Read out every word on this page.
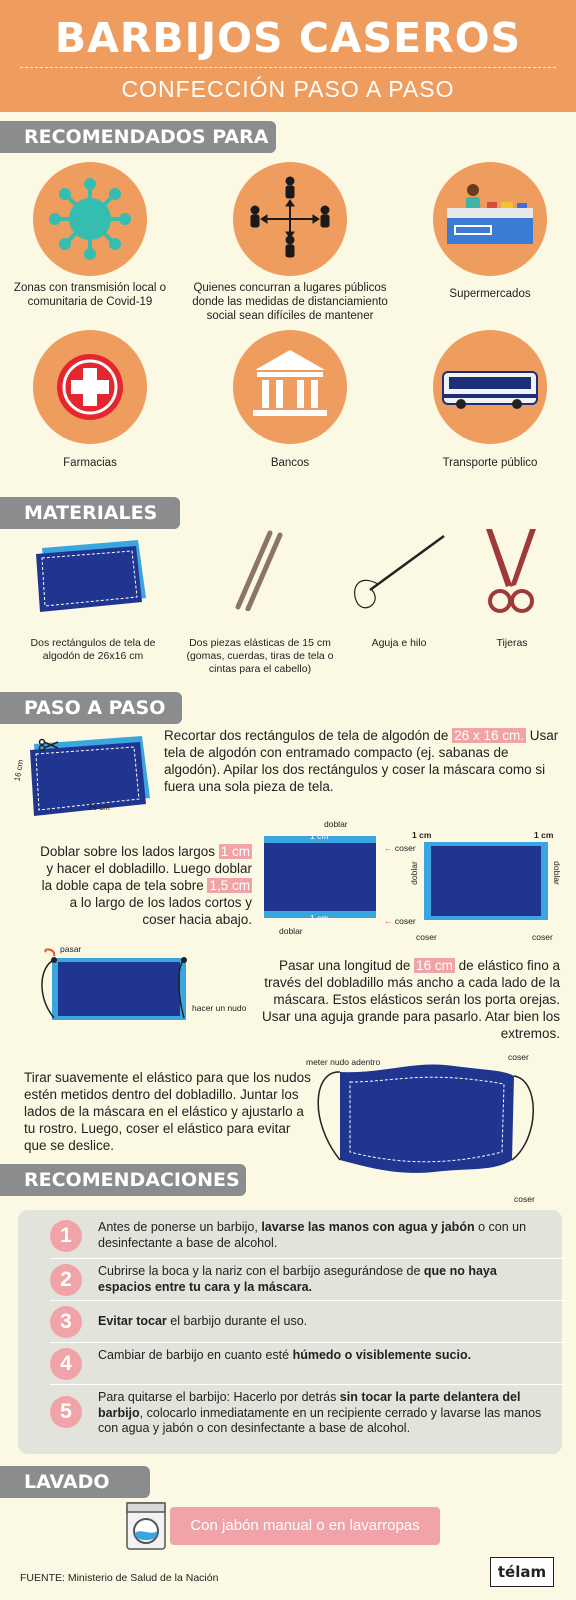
BARBIJOS CASEROS
CONFECCIÓN PASO A PASO
RECOMENDADOS PARA
Zonas con transmisión local o comunitaria de Covid-19
Quienes concurran a lugares públicos donde las medidas de distanciamiento social sean difíciles de mantener
Supermercados
Farmacias	Bancos	Transporte público
MATERIALES
Dos rectángulos de tela de algodón de 26x16 cm
Dos piezas elásticas de 15 cm (gomas, cuerdas, tiras de tela o cintas para el cabello)
Aguja e hilo	Tijeras
PASO A PASO
16 cm
26 cm
Recortar dos rectángulos de tela de algodón de 26 x 16 cm. Usar tela de algodón con entramado compacto (ej. sabanas de algodón). Apilar los dos rectángulos y coser la máscara como si fuera una sola pieza de tela.
Doblar sobre los lados largos 1 cm y hacer el dobladillo. Luego doblar la doble capa de tela sobre 1,5 cm a lo largo de los lados cortos y coser hacia abajo.
doblar
1 cm
1 cm
doblar
← coser
← coser
1 cm	1 cm
doblar	doblar
coser	coser
pasar
hacer un nudo
Pasar una longitud de 16 cm de elástico fino a través del dobladillo más ancho a cada lado de la máscara. Estos elásticos serán los porta orejas. Usar una aguja grande para pasarlo. Atar bien los extremos.
Tirar suavemente el elástico para que los nudos estén metidos dentro del dobladillo. Juntar los lados de la máscara en el elástico y ajustarlo a tu rostro. Luego, coser el elástico para evitar que se deslice.
meter nudo adentro	coser
coser
RECOMENDACIONES
1	Antes de ponerse un barbijo, lavarse las manos con agua y jabón o con un desinfectante a base de alcohol.
2	Cubrirse la boca y la nariz con el barbijo asegurándose de que no haya espacios entre tu cara y la máscara.
3	Evitar tocar el barbijo durante el uso.
4	Cambiar de barbijo en cuanto esté húmedo o visiblemente sucio.
5
Para quitarse el barbijo: Hacerlo por detrás sin tocar la parte delantera del barbijo, colocarlo inmediatamente en un recipiente cerrado y lavarse las manos con agua y jabón o con desinfectante a base de alcohol.
LAVADO
Con jabón manual o en lavarropas
FUENTE: Ministerio de Salud de la Nación	télam
